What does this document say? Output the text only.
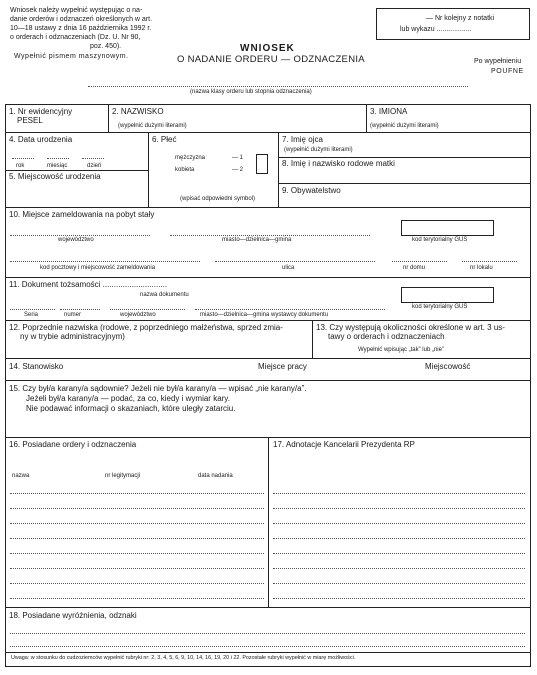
Wniosek należy wypełnić występując o na-
danie orderów i odznaczeń określonych w art.
10—18 ustawy z dnia 16 października 1992 r.
o orderach i odznaczeniach (Dz. U. Nr 90,
poz. 450).
Wypełnić pismem maszynowym.
— Nr kolejny z notatki
lub wykazu ..................
WNIOSEK
O NADANIE ORDERU — ODZNACZENIA	Po wypełnieniu
POUFNE
(nazwa klasy orderu lub stopnia odznaczenia)
1. Nr ewidencyjny
PESEL
2. NAZWISKO
(wypełnić dużymi literami)
3. IMIONA
(wypełnić dużymi literami)
4. Data urodzenia
rok	miesiąc	dzień
5. Miejscowość urodzenia
6. Płeć
mężczyzna	— 1
kobieta	— 2
(wpisać odpowiedni symbol)
7. Imię ojca
(wypełnić dużymi literami)
8. Imię i nazwisko rodowe matki
9. Obywatelstwo
10. Miejsce zameldowania na pobyt stały
województwo	miasto—dzielnica—gmina	kod terytorialny GUS
kod pocztowy i miejscowość zameldowania	ulica	nr domu	nr lokalu
11. Dokument tożsamości .............................
nazwa dokumentu
kod terytorialny GUS
Seria	numer	województwo	miasto—dzielnica—gmina wystawcy dokumentu
12. Poprzednie nazwiska (rodowe, z poprzedniego małżeństwa, sprzed zmia-
ny w trybie administracyjnym)
13. Czy występują okoliczności określone w art. 3 us-
tawy o orderach i odznaczeniach
Wypełnić wpisując „tak” lub „nie”
14. Stanowisko	Miejsce pracy	Miejscowość
15. Czy był/a karany/a sądownie? Jeżeli nie był/a karany/a — wpisać „nie karany/a”.
Jeżeli był/a karany/a — podać, za co, kiedy i wymiar kary.
Nie podawać informacji o skazaniach, które uległy zatarciu.
16. Posiadane ordery i odznaczenia
nazwa	nr legitymacji	data nadania
17. Adnotacje Kancelarii Prezydenta RP
18. Posiadane wyróżnienia, odznaki
Uwaga: w stosunku do cudzoziemców wypełnić rubryki nr: 2, 3, 4, 5, 6, 9, 10, 14, 16, 19, 20 i 22. Pozostałe rubryki wypełnić w miarę możliwości.
